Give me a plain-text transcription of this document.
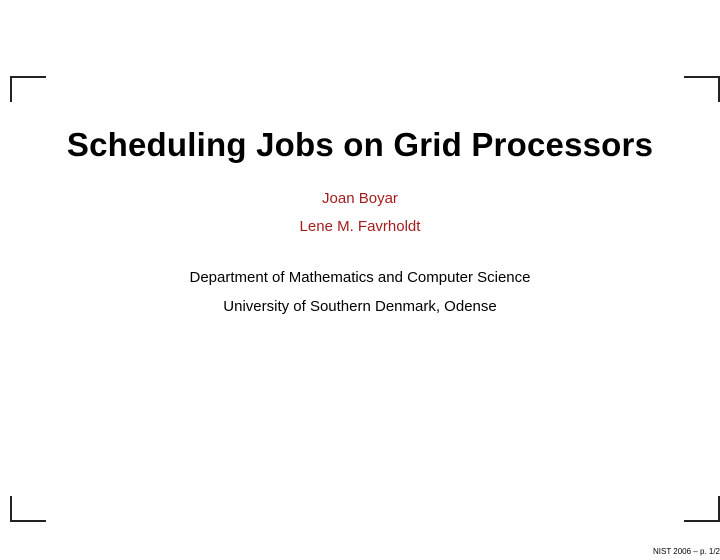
Scheduling Jobs on Grid Processors
Joan Boyar
Lene M. Favrholdt
Department of Mathematics and Computer Science
University of Southern Denmark, Odense
NIST 2006 – p. 1/2
